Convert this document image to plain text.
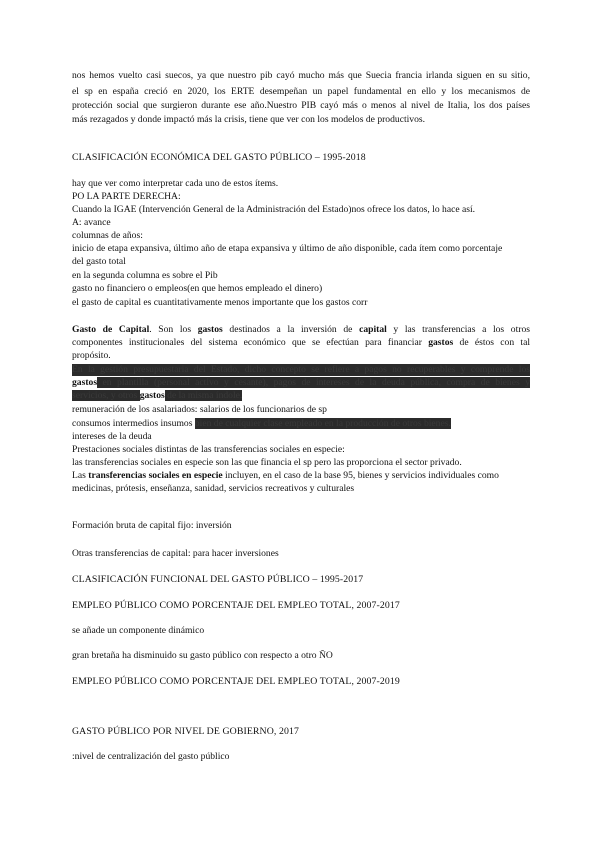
nos hemos vuelto casi suecos, ya que nuestro pib cayó mucho más que Suecia francia irlanda siguen en su sitio,
el sp en españa creció en 2020, los ERTE desempeñan un papel fundamental en ello y los mecanismos de
protección social que surgieron durante ese año.Nuestro PIB cayó más o menos al nivel de Italia, los dos países
más rezagados y donde impactó más la crisis, tiene que ver con los modelos de productivos.
CLASIFICACIÓN ECONÓMICA DEL GASTO PÚBLICO – 1995-2018
hay que ver como interpretar cada uno de estos ítems.
PO LA PARTE DERECHA:
Cuando la IGAE (Intervención General de la Administración del Estado)nos ofrece los datos, lo hace así.
A: avance
columnas de años:
inicio de etapa expansiva, último año de etapa expansiva y último de año disponible, cada ítem como porcentaje
del gasto total
en la segunda columna es sobre el Pib
gasto no financiero o empleos(en que hemos empleado el dinero)
el gasto de capital es cuantitativamente menos importante que los gastos corr
Gasto de Capital. Son los gastos destinados a la inversión de capital y las transferencias a los otros
componentes institucionales del sistema económico que se efectúan para financiar gastos de éstos con tal
propósito.
En la gestión presupuestaria del Estado, dicho concepto se refiere a pagos no recuperables y comprende los
gastos en plantilla (personal activo y cesante), pagos de intereses de la deuda pública, compra de bienes y
servicios, y otros gastos de la misma índole.
remuneración de los asalariados: salarios de los funcionarios de sp
consumos intermedios insumos bien de cualquier clase empleado en la producción de otros bienes.
intereses de la deuda
Prestaciones sociales distintas de las transferencias sociales en especie:
las transferencias sociales en especie son las que financia el sp pero las proporciona el sector privado.
Las transferencias sociales en especie incluyen, en el caso de la base 95, bienes y servicios individuales como
medicinas, prótesis, enseñanza, sanidad, servicios recreativos y culturales
Formación bruta de capital fijo: inversión
Otras transferencias de capital: para hacer inversiones
CLASIFICACIÓN FUNCIONAL DEL GASTO PÚBLICO – 1995-2017
EMPLEO PÚBLICO COMO PORCENTAJE DEL EMPLEO TOTAL, 2007-2017
se añade un componente dinámico
gran bretaña ha disminuido su gasto público con respecto a otro ÑO
EMPLEO PÚBLICO COMO PORCENTAJE DEL EMPLEO TOTAL, 2007-2019
GASTO PÚBLICO POR NIVEL DE GOBIERNO, 2017
:nivel de centralización del gasto público
